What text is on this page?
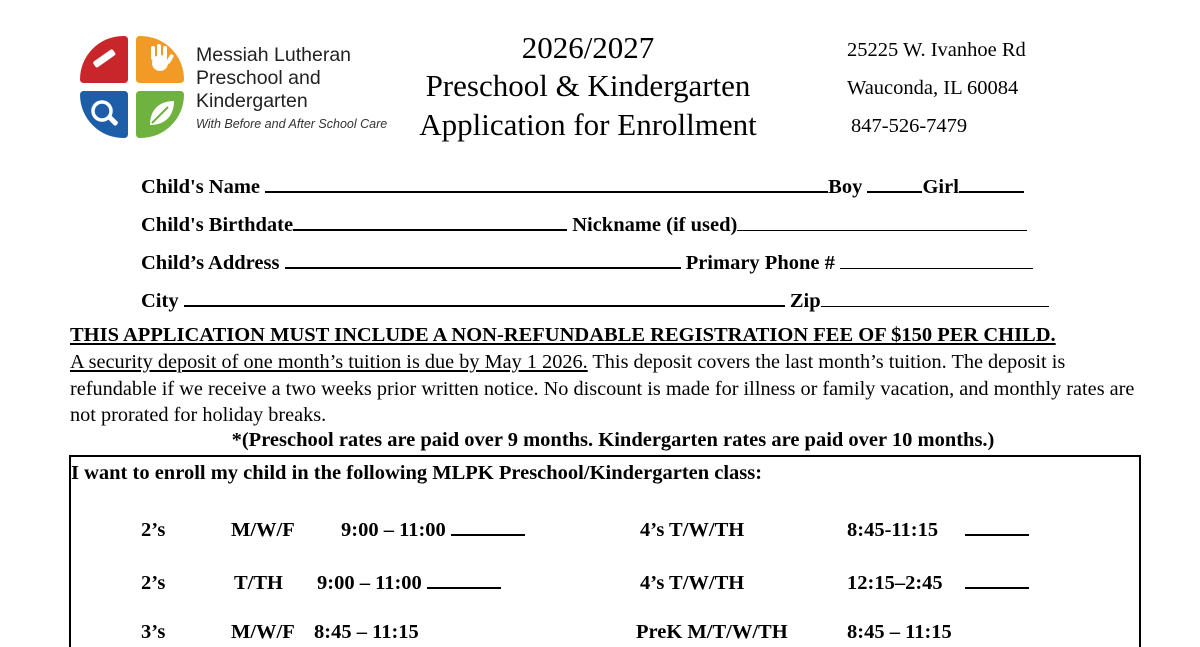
Messiah Lutheran
Preschool and
Kindergarten
With Before and After School Care
2026/2027
Preschool & Kindergarten
Application for Enrollment
25225 W. Ivanhoe Rd
Wauconda, IL 60084
847-526-7479
Child's Name	Boy	Girl
Child's Birthdate	Nickname (if used)
Child’s Address	Primary Phone #
City	Zip
THIS APPLICATION MUST INCLUDE A NON-REFUNDABLE REGISTRATION FEE OF $150 PER CHILD.
A security deposit of one month’s tuition is due by May 1 2026. This deposit covers the last month’s tuition. The deposit is refundable if we receive a two weeks prior written notice. No discount is made for illness or family vacation, and monthly rates are not prorated for holiday breaks.
*(Preschool rates are paid over 9 months. Kindergarten rates are paid over 10 months.)
I want to enroll my child in the following MLPK Preschool/Kindergarten class:
2’s	M/W/F 9:00 – 11:00
2’s	T/TH 9:00 – 11:00
3’s	M/W/F 8:45 – 11:15
4’s T/W/TH	8:45-11:15
4’s T/W/TH	12:15–2:45
PreK M/T/W/TH	8:45 – 11:15
